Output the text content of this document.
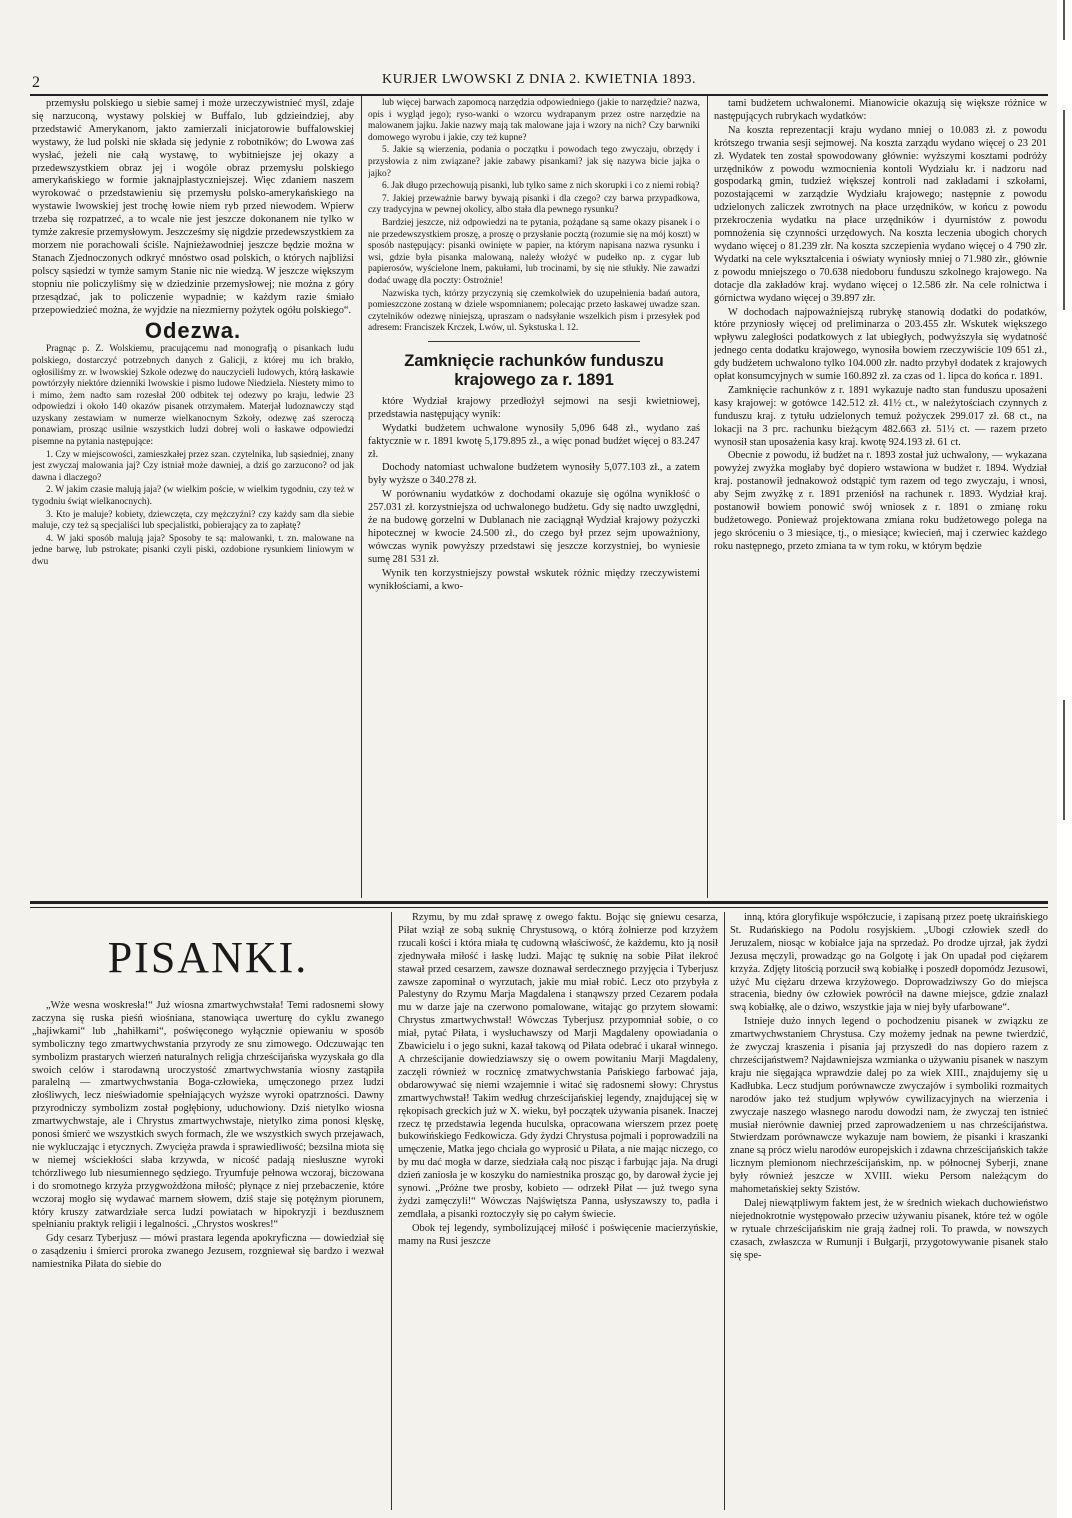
2	KURJER LWOWSKI Z DNIA 2. KWIETNIA 1893.

przemysłu polskiego u siebie samej i może urzeczywistnieć myśl, zdaje się narzuconą, wystawy polskiej w Buffalo, lub gdzieindziej, aby przedstawić Amerykanom, jakto zamierzali inicjatorowie buffalowskiej wystawy, że lud polski nie składa się jedynie z robotników; do Lwowa zaś wysłać, jeżeli nie całą wystawę, to wybitniejsze jej okazy a przedewszystkiem obraz jej i wogóle obraz przemysłu polskiego amerykańskiego w formie jaknajplastyczniejszej. Więc zdaniem naszem wyrokować o przedstawieniu się przemysłu polsko-amerykańskiego na wystawie lwowskiej jest trochę łowie niem ryb przed niewodem. Wpierw trzeba się rozpatrzeć, a to wcale nie jest jeszcze dokonanem nie tylko w tymże zakresie przemysłowym. Jeszcześmy się nigdzie przedewszystkiem za morzem nie porachowali ściśle. Najnieżawodniej jeszcze będzie można w Stanach Zjednoczonych odkryć mnóstwo osad polskich, o których najbliżsi polscy sąsiedzi w tymże samym Stanie nic nie wiedzą. W jeszcze większym stopniu nie policzyliśmy się w dziedzinie przemysłowej; nie można z góry przesądzać, jak to policzenie wypadnie; w każdym razie śmiało przepowiedzieć można, że wyjdzie na niezmierny pożytek ogółu polskiego“.

Odezwa.

Pragnąc p. Z. Wolskiemu, pracującemu nad monografją o pisankach ludu polskiego, dostarczyć potrzebnych danych z Galicji, z której mu ich brakło, ogłosiliśmy zr. w lwowskiej Szkole odezwę do nauczycieli ludowych, którą łaskawie powtórzyły niektóre dzienniki lwowskie i pismo ludowe Niedziela. Niestety mimo to i mimo, żem nadto sam rozesłał 200 odbitek tej odezwy po kraju, ledwie 23 odpowiedzi i około 140 okazów pisanek otrzymałem. Materjał ludoznawczy stąd uzyskany zestawiam w numerze wielkanocnym Szkoły, odezwę zaś szeroczą ponawiam, prosząc usilnie wszystkich ludzi dobrej woli o łaskawe odpowiedzi pisemne na pytania następujące:

1. Czy w miejscowości, zamieszkałej przez szan. czytelnika, lub sąsiedniej, znany jest zwyczaj malowania jaj? Czy istniał może dawniej, a dziś go zarzucono? od jak dawna i dlaczego?

2. W jakim czasie malują jaja? (w wielkim poście, w wielkim tygodniu, czy też w tygodniu świąt wielkanocnych).

3. Kto je maluje? kobiety, dziewczęta, czy mężczyźni? czy każdy sam dla siebie maluje, czy też są specjaliści lub specjalistki, pobierający za to zapłatę?

4. W jaki sposób malują jaja? Sposoby te są: malowanki, t. zn. malowane na jedne barwę, lub pstrokate; pisanki czyli piski, ozdobione rysunkiem liniowym w dwu

lub więcej barwach zapomocą narzędzia odpowiedniego (jakie to narzędzie? nazwa, opis i wygląd jego); ryso-wanki o wzorcu wydrapanym przez ostre narzędzie na malowanem jajku. Jakie nazwy mają tak malowane jaja i wzory na nich? Czy barwniki domowego wyrobu i jakie, czy też kupne?

5. Jakie są wierzenia, podania o początku i powodach tego zwyczaju, obrzędy i przysłowia z nim związane? jakie zabawy pisankami? jak się nazywa bicie jajka o jajko?

6. Jak długo przechowują pisanki, lub tylko same z nich skorupki i co z niemi robią?

7. Jakiej przeważnie barwy bywają pisanki i dla czego? czy barwa przypadkowa, czy tradycyjna w pewnej okolicy, albo stała dla pewnego rysunku?

Bardziej jeszcze, niż odpowiedzi na te pytania, pożądane są same okazy pisanek i o nie przedewszystkiem proszę, a proszę o przysłanie pocztą (rozumie się na mój koszt) w sposób następujący: pisanki owinięte w papier, na którym napisana nazwa rysunku i wsi, gdzie była pisanka malowaną, należy włożyć w pudełko np. z cygar lub papierosów, wyścielone lnem, pakułami, lub trocinami, by się nie stłukły. Nie zawadzi dodać uwagę dla poczty: Ostrożnie!

Nazwiska tych, którzy przyczynią się czemkolwiek do uzupełnienia badań autora, pomieszczone zostaną w dziele wspomnianem; polecając przeto łaskawej uwadze szan. czytelników odezwę niniejszą, upraszam o nadsyłanie wszelkich pism i przesyłek pod adresem: Franciszek Krczek, Lwów, ul. Sykstuska l. 12.

Zamknięcie rachunków funduszu
krajowego za r. 1891

które Wydział krajowy przedłożył sejmowi na sesji kwietniowej, przedstawia następujący wynik:

Wydatki budżetem uchwalone wynosiły 5,096 648 zł., wydano zaś faktycznie w r. 1891 kwotę 5,179.895 zł., a więc ponad budżet więcej o 83.247 zł.

Dochody natomiast uchwalone budżetem wynosiły 5,077.103 zł., a zatem były wyższe o 340.278 zł.

W porównaniu wydatków z dochodami okazuje się ogólna wynikłość o 257.031 zł. korzystniejsza od uchwalonego budżetu. Gdy się nadto uwzględni, że na budowę gorzelni w Dublanach nie zaciągnął Wydział krajowy pożyczki hipotecznej w kwocie 24.500 zł., do czego był przez sejm upoważniony, wówczas wynik powyższy przedstawi się jeszcze korzystniej, bo wyniesie sumę 281 531 zł.

Wynik ten korzystniejszy powstał wskutek różnic między rzeczywistemi wynikłościami, a kwo-

tami budżetem uchwalonemi. Mianowicie okazują się większe różnice w następujących rubrykach wydatków:

Na koszta reprezentacji kraju wydano mniej o 10.083 zł. z powodu krótszego trwania sesji sejmowej. Na koszta zarządu wydano więcej o 23 201 zł. Wydatek ten został spowodowany głównie: wyższymi kosztami podróży urzędników z powodu wzmocnienia kontoli Wydziału kr. i nadzoru nad gospodarką gmin, tudzież większej kontroli nad zakładami i szkołami, pozostającemi w zarządzie Wydziału krajowego; następnie z powodu udzielonych zaliczek zwrotnych na płace urzędników, w końcu z powodu przekroczenia wydatku na płace urzędników i dyurnistów z powodu pomnożenia się czynności urzędowych. Na koszta leczenia ubogich chorych wydano więcej o 81.239 złr. Na koszta szczepienia wydano więcej o 4 790 złr. Wydatki na cele wykształcenia i oświaty wyniosły mniej o 71.980 złr., głównie z powodu mniejszego o 70.638 niedoboru funduszu szkolnego krajowego. Na dotacje dla zakładów kraj. wydano więcej o 12.586 złr. Na cele rolnictwa i górnictwa wydano więcej o 39.897 złr.

W dochodach najpoważniejszą rubrykę stanowią dodatki do podatków, które przyniosły więcej od preliminarza o 203.455 złr. Wskutek większego wpływu zaległości podatkowych z lat ubiegłych, podwyższyła się wydatność jednego centa dodatku krajowego, wynosiła bowiem rzeczywiście 109 651 zł., gdy budżetem uchwalono tylko 104.000 złr. nadto przybył dodatek z krajowych opłat konsumcyjnych w sumie 160.892 zł. za czas od 1. lipca do końca r. 1891.

Zamknięcie rachunków z r. 1891 wykazuje nadto stan funduszu uposażeni kasy krajowej: w gotówce 142.512 zł. 41½ ct., w należytościach czynnych z funduszu kraj. z tytułu udzielonych temuż pożyczek 299.017 zł. 68 ct., na lokacji na 3 prc. rachunku bieżącym 482.663 zł. 51½ ct. — razem przeto wynosił stan uposażenia kasy kraj. kwotę 924.193 zł. 61 ct.

Obecnie z powodu, iż budżet na r. 1893 został już uchwalony, — wykazana powyżej zwyżka mogłaby być dopiero wstawiona w budżet r. 1894. Wydział kraj. postanowił jednakowoż odstąpić tym razem od tego zwyczaju, i wnosi, aby Sejm zwyżkę z r. 1891 przeniósł na rachunek r. 1893. Wydział kraj. postanowił bowiem ponowić swój wniosek z r. 1891 o zmianę roku budżetowego. Ponieważ projektowana zmiana roku budżetowego polega na jego skróceniu o 3 miesiące, tj., o miesiące; kwiecień, maj i czerwiec każdego roku następnego, przeto zmiana ta w tym roku, w którym będzie

PISANKI.

„Wże wesna woskresła!“ Już wiosna zmartwychwstała! Temi radosnemi słowy zaczyna się ruska pieśń wiośniana, stanowiąca uwerturę do cyklu zwanego „hajiwkami“ lub „hahiłkami“, poświęconego wyłącznie opiewaniu w sposób symboliczny tego zmartwychwstania przyrody ze snu zimowego. Odczuwając ten symbolizm prastarych wierzeń naturalnych religja chrześcijańska wyzyskała go dla swoich celów i starodawną uroczystość zmartwychwstania wiosny zastąpiła paralelną — zmartwychwstania Boga-człowieka, umęczonego przez ludzi złośliwych, lecz nieświadomie spełniających wyższe wyroki opatrzności. Dawny przyrodniczy symbolizm został pogłębiony, uduchowiony. Dziś nietylko wiosna zmartwychwstaje, ale i Chrystus zmartwychwstaje, nietylko zima ponosi klęskę, ponosi śmierć we wszystkich swych formach, źle we wszystkich swych przejawach, nie wykluczając i etycznych. Zwycięża prawda i sprawiedliwość; bezsilna miota się w niemej wściekłości słaba krzywda, w nicość padają niesłuszne wyroki tchórzliwego lub niesumiennego sędziego. Tryumfuje pełnowa wczoraj, biczowana i do sromotnego krzyża przygwożdżona miłość; płynące z niej przebaczenie, które wczoraj mogło się wydawać marnem słowem, dziś staje się potężnym piorunem, który kruszy zatwardziałe serca ludzi powiatach w hipokryzji i bezdusznem spełnianiu praktyk religii i legalności. „Chrystos woskres!“

Gdy cesarz Tyberjusz — mówi prastara legenda apokryficzna — dowiedział się o zasądzeniu i śmierci proroka zwanego Jezusem, rozgniewał się bardzo i wezwał namiestnika Piłata do siebie do

Rzymu, by mu zdał sprawę z owego faktu. Bojąc się gniewu cesarza, Piłat wziął ze sobą suknię Chrystusową, o którą żołnierze pod krzyżem rzucali kości i która miała tę cudowną właściwość, że każdemu, kto ją nosił zjednywała miłość i łaskę ludzi. Mając tę suknię na sobie Piłat ilekroć stawał przed cesarzem, zawsze doznawał serdecznego przyjęcia i Tyberjusz zawsze zapominał o wyrzutach, jakie mu miał robić. Lecz oto przybyła z Palestyny do Rzymu Marja Magdalena i stanąwszy przed Cezarem podała mu w darze jaje na czerwono pomalowane, witając go przytem słowami: Chrystus zmartwychwstał! Wówczas Tyberjusz przypomniał sobie, o co miał, pytać Piłata, i wysłuchawszy od Marji Magdaleny opowiadania o Zbawicielu i o jego sukni, kazał takową od Piłata odebrać i ukarał winnego. A chrześcijanie dowiedziawszy się o owem powitaniu Marji Magdaleny, zaczęli również w rocznicę zmatwychwstania Pańskiego farbować jaja, obdarowywać się niemi wzajemnie i witać się radosnemi słowy: Chrystus zmartwychwstał! Takim według chrześcijańskiej legendy, znajdującej się w rękopisach greckich już w X. wieku, był początek używania pisanek. Inaczej rzecz tę przedstawia legenda huculska, opracowana wierszem przez poetę bukowińskiego Fedkowicza. Gdy żydzi Chrystusa pojmali i poprowadzili na umęczenie, Matka jego chciała go wyprosić u Piłata, a nie mając niczego, co by mu dać mogła w darze, siedziała całą noc pisząc i farbując jaja. Na drugi dzień zaniosła je w koszyku do namiestnika prosząc go, by darował życie jej synowi. „Próżne twe prosby, kobieto — odrzekł Piłat — już twego syna żydzi zamęczyli!“ Wówczas Najświętsza Panna, usłyszawszy to, padła i zemdlała, a pisanki roztoczyły się po całym świecie.

Obok tej legendy, symbolizującej miłość i poświęcenie macierzyńskie, mamy na Rusi jeszcze

inną, która gloryfikuje współczucie, i zapisaną przez poetę ukraińskiego St. Rudańskiego na Podolu rosyjskiem. „Ubogi człowiek szedł do Jeruzalem, niosąc w kobiałce jaja na sprzedaż. Po drodze ujrzał, jak żydzi Jezusa męczyli, prowadząc go na Golgotę i jak On upadał pod ciężarem krzyża. Zdjęty litością porzucił swą kobiałkę i poszedł dopomódz Jezusowi, użyć Mu ciężaru drzewa krzyżowego. Doprowadziwszy Go do miejsca stracenia, biedny ów człowiek powrócił na dawne miejsce, gdzie znalazł swą kobiałkę, ale o dziwo, wszystkie jaja w niej były ufarbowane“.

Istnieje dużo innych legend o pochodzeniu pisanek w związku ze zmartwychwstaniem Chrystusa. Czy możemy jednak na pewne twierdzić, że zwyczaj kraszenia i pisania jaj przyszedł do nas dopiero razem z chrześcijaństwem? Najdawniejsza wzmianka o używaniu pisanek w naszym kraju nie sięgająca wprawdzie dalej po za wiek XIII., znajdujemy się u Kadłubka. Lecz studjum porównawcze zwyczajów i symboliki rozmaitych narodów jako też studjum wpływów cywilizacyjnych na wierzenia i zwyczaje naszego własnego narodu dowodzi nam, że zwyczaj ten istnieć musiał nierównie dawniej przed zaprowadzeniem u nas chrześcijaństwa. Stwierdzam porównawcze wykazuje nam bowiem, że pisanki i kraszanki znane są prócz wielu narodów europejskich i zdawna chrześcijańskich także licznym plemionom niechrześcijańskim, np. w północnej Syberji, znane były również jeszcze w XVIII. wieku Persom należącym do mahometańskiej sekty Szistów.

Dalej niewątpliwym faktem jest, że w średnich wiekach duchowieństwo niejednokrotnie występowało przeciw używaniu pisanek, które też w ogóle w rytuale chrześcijańskim nie grają żadnej roli. To prawda, w nowszych czasach, zwłaszcza w Rumunji i Bułgarji, przygotowywanie pisanek stało się spe-
